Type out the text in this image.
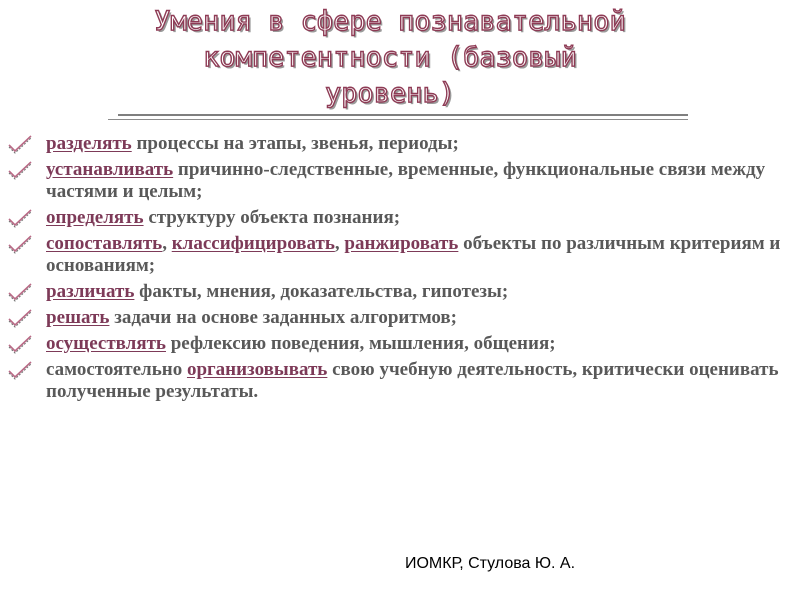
Умения в сфере познавательной
компетентности (базовый
уровень)
разделять процессы на этапы, звенья, периоды;
устанавливать причинно-следственные, временные, функциональные связи между частями и целым;
определять структуру объекта познания;
сопоставлять, классифицировать, ранжировать объекты по различным критериям и основаниям;
различать факты, мнения, доказательства, гипотезы;
решать задачи на основе заданных алгоритмов;
осуществлять рефлексию поведения, мышления, общения;
самостоятельно организовывать свою учебную деятельность, критически оценивать полученные результаты.
ИОМКР, Стулова Ю. А.
